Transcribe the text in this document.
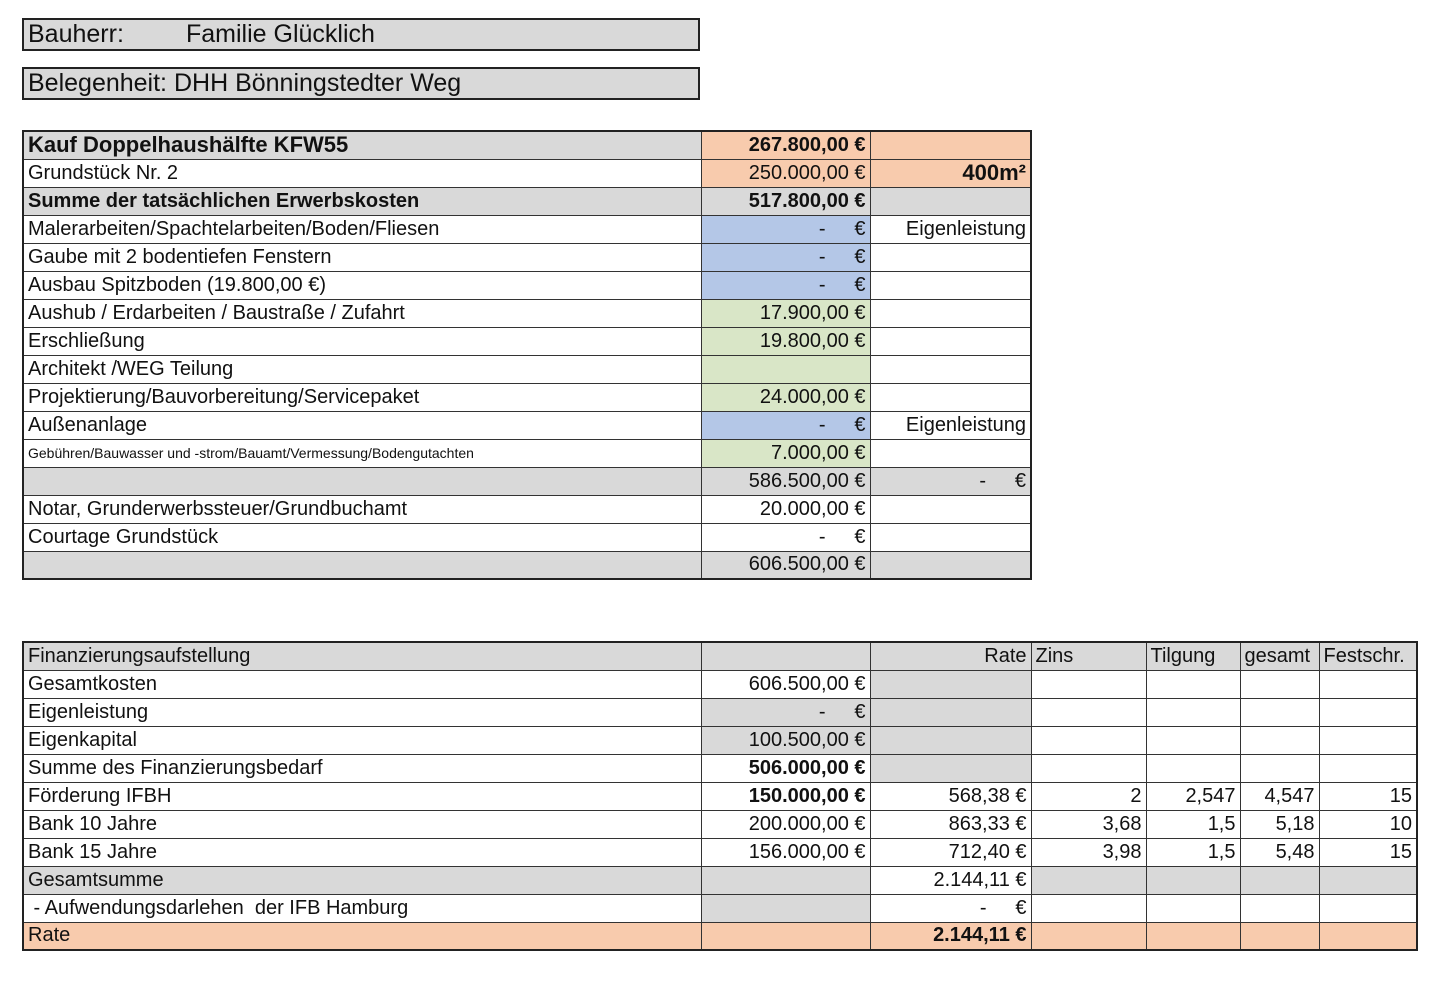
Bauherr: Familie Glücklich
Belegenheit: DHH Bönningstedter Weg
Kauf Doppelhaushälfte KFW55	267.800,00 €	
Grundstück Nr. 2	250.000,00 €	400m²
Summe der tatsächlichen Erwerbskosten	517.800,00 €	
Malerarbeiten/Spachtelarbeiten/Boden/Fliesen	- €	Eigenleistung
Gaube mit 2 bodentiefen Fenstern	- €	
Ausbau Spitzboden (19.800,00 €)	- €	
Aushub / Erdarbeiten / Baustraße / Zufahrt	17.900,00 €	
Erschließung	19.800,00 €	
Architekt /WEG Teilung		
Projektierung/Bauvorbereitung/Servicepaket	24.000,00 €	
Außenanlage	- €	Eigenleistung
Gebühren/Bauwasser und -strom/Bauamt/Vermessung/Bodengutachten	7.000,00 €	
	586.500,00 €	- €
Notar, Grunderwerbssteuer/Grundbuchamt	20.000,00 €	
Courtage Grundstück	- €	
	606.500,00 €	
Finanzierungsaufstellung		Rate	Zins	Tilgung	gesamt	Festschr.
Gesamtkosten	606.500,00 €					
Eigenleistung	- €					
Eigenkapital	100.500,00 €					
Summe des Finanzierungsbedarf	506.000,00 €					
Förderung IFBH	150.000,00 €	568,38 €	2	2,547	4,547	15
Bank 10 Jahre	200.000,00 €	863,33 €	3,68	1,5	5,18	10
Bank 15 Jahre	156.000,00 €	712,40 €	3,98	1,5	5,48	15
Gesamtsumme		2.144,11 €				
- Aufwendungsdarlehen  der IFB Hamburg		- €				
Rate		2.144,11 €				
